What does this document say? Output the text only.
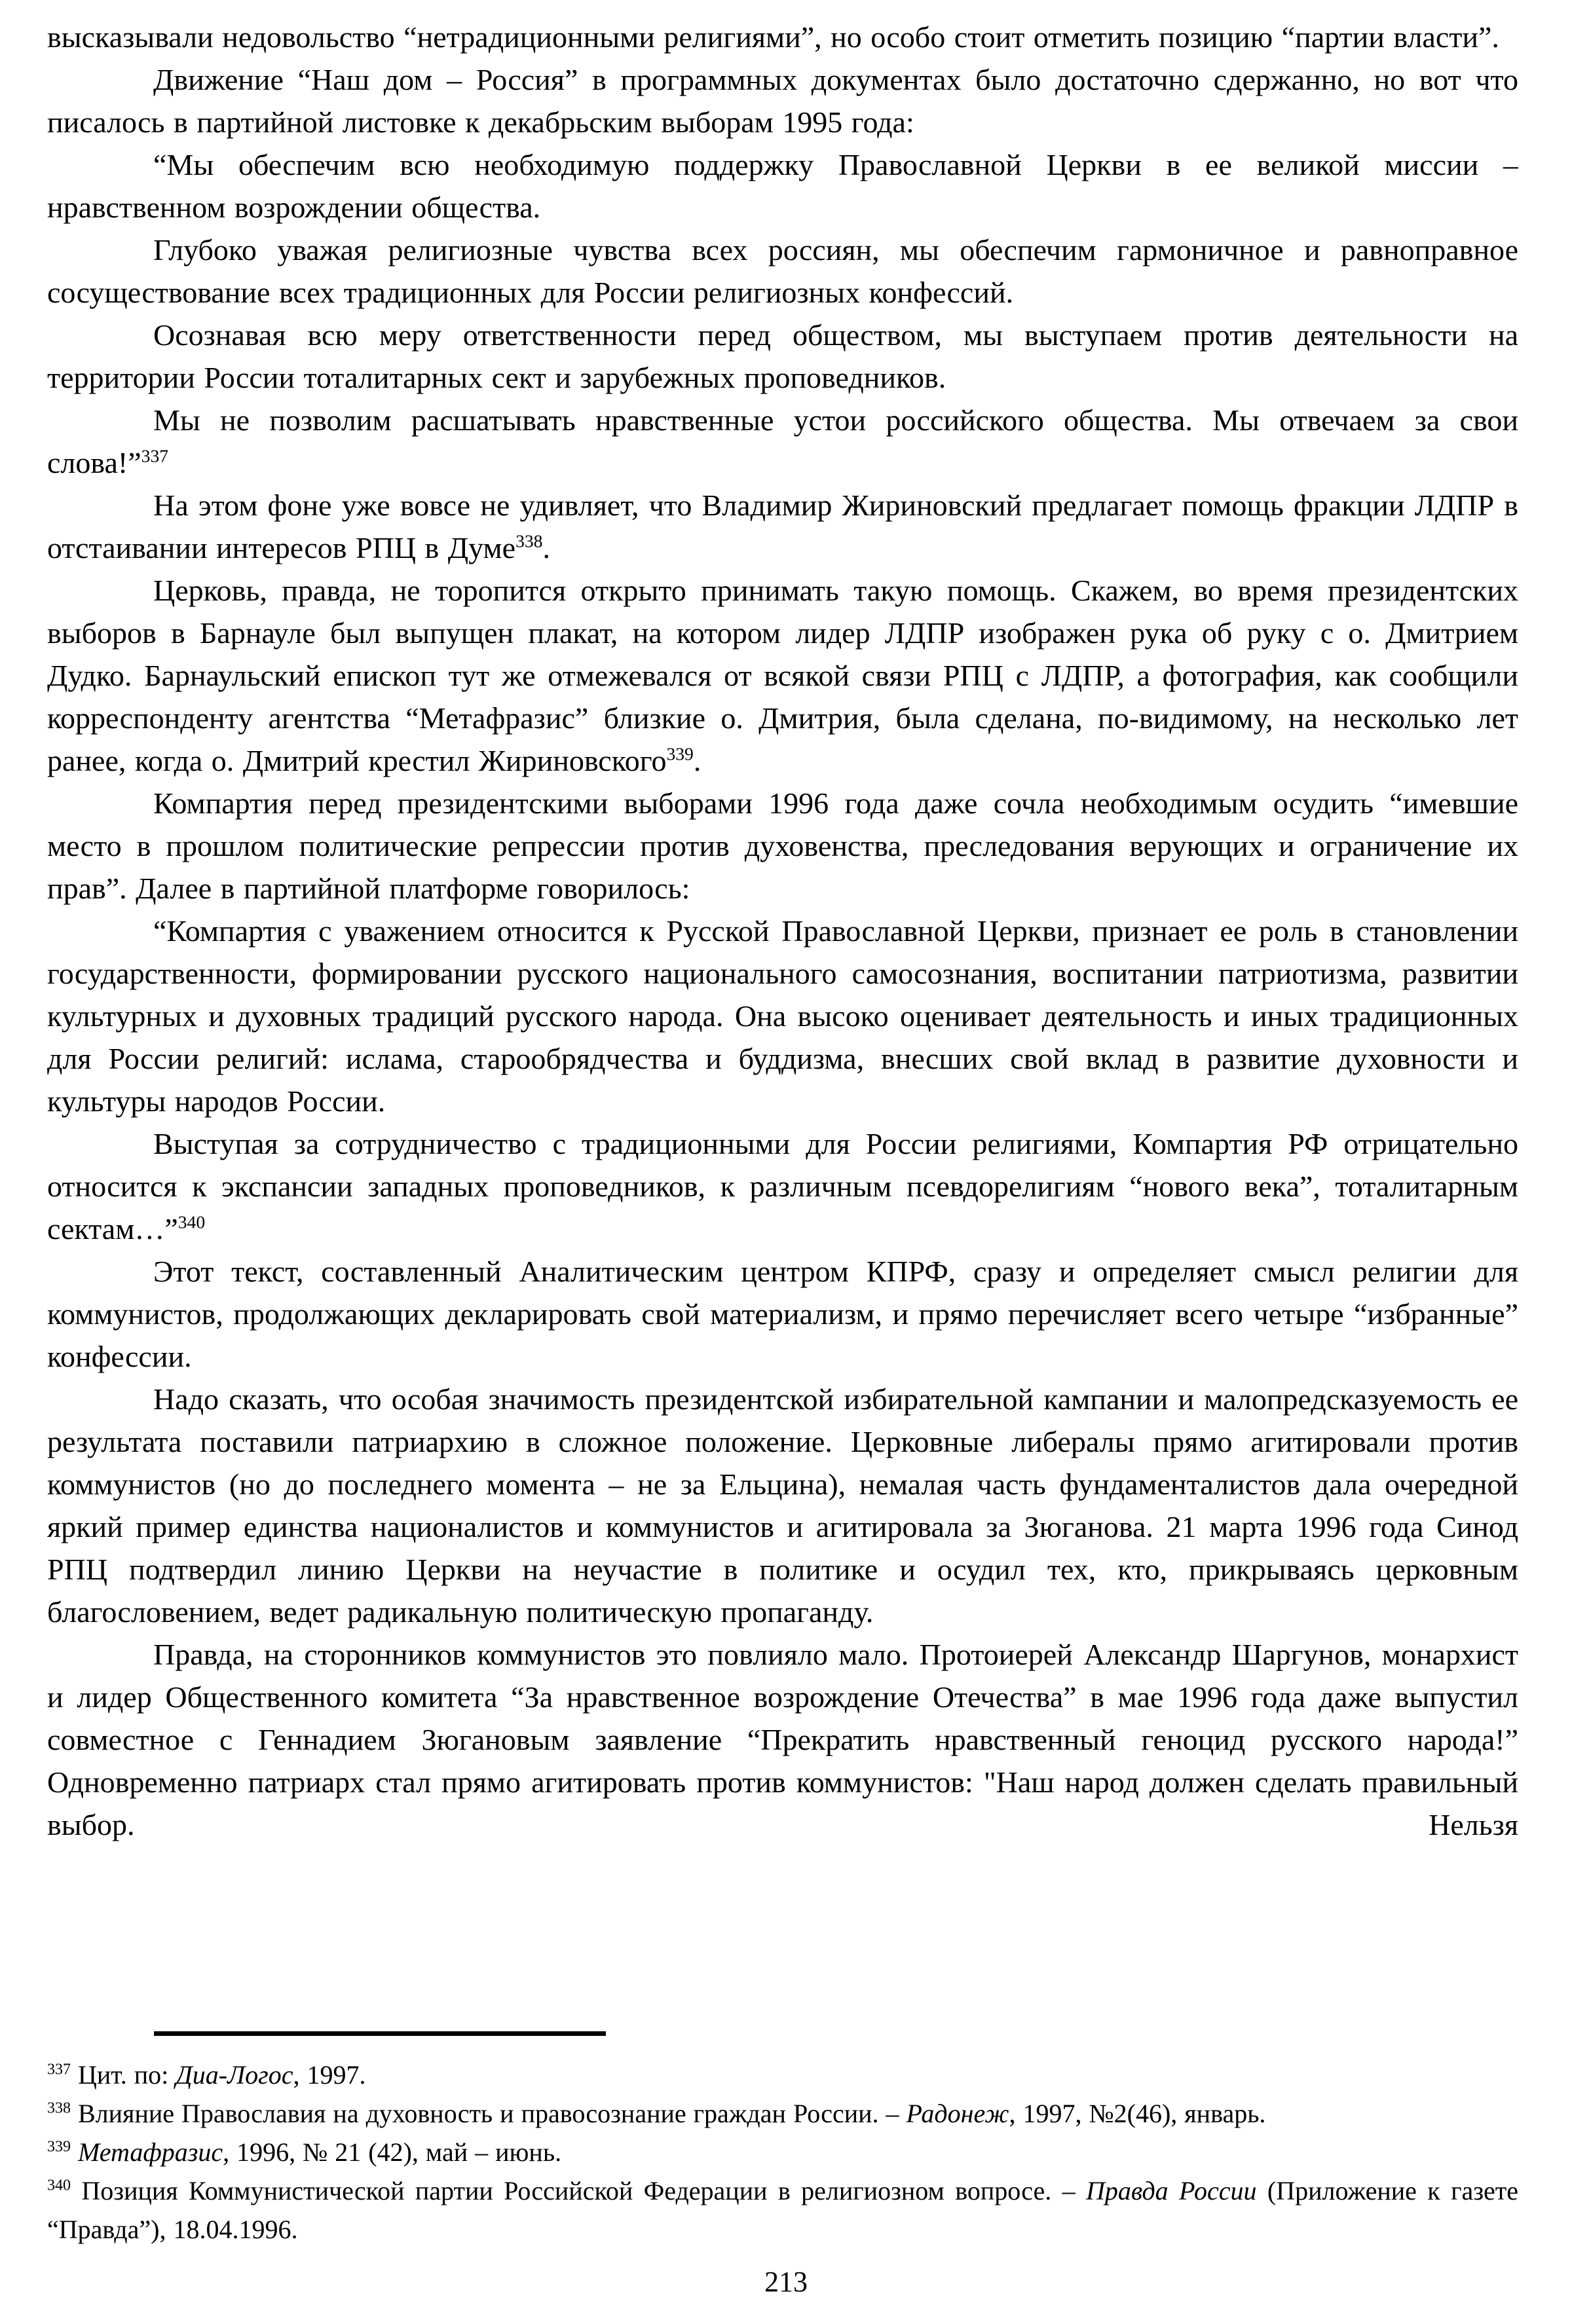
высказывали недовольство “нетрадиционными религиями”, но особо стоит отметить позицию “партии власти”.

Движение “Наш дом – Россия” в программных документах было достаточно сдержанно, но вот что писалось в партийной листовке к декабрьским выборам 1995 года:

“Мы обеспечим всю необходимую поддержку Православной Церкви в ее великой миссии – нравственном возрождении общества.

Глубоко уважая религиозные чувства всех россиян, мы обеспечим гармоничное и равноправное сосуществование всех традиционных для России религиозных конфессий.

Осознавая всю меру ответственности перед обществом, мы выступаем против деятельности на территории России тоталитарных сект и зарубежных проповедников.

Мы не позволим расшатывать нравственные устои российского общества. Мы отвечаем за свои слова!”$^{337}$

На этом фоне уже вовсе не удивляет, что Владимир Жириновский предлагает помощь фракции ЛДПР в отстаивании интересов РПЦ в Думе$^{338}$.

Церковь, правда, не торопится открыто принимать такую помощь. Скажем, во время президентских выборов в Барнауле был выпущен плакат, на котором лидер ЛДПР изображен рука об руку с о. Дмитрием Дудко. Барнаульский епископ тут же отмежевался от всякой связи РПЦ с ЛДПР, а фотография, как сообщили корреспонденту агентства “Метафразис” близкие о. Дмитрия, была сделана, по-видимому, на несколько лет ранее, когда о. Дмитрий крестил Жириновского$^{339}$.

Компартия перед президентскими выборами 1996 года даже сочла необходимым осудить “имевшие место в прошлом политические репрессии против духовенства, преследования верующих и ограничение их прав”. Далее в партийной платформе говорилось:

“Компартия с уважением относится к Русской Православной Церкви, признает ее роль в становлении государственности, формировании русского национального самосознания, воспитании патриотизма, развитии культурных и духовных традиций русского народа. Она высоко оценивает деятельность и иных традиционных для России религий: ислама, старообрядчества и буддизма, внесших свой вклад в развитие духовности и культуры народов России.

Выступая за сотрудничество с традиционными для России религиями, Компартия РФ отрицательно относится к экспансии западных проповедников, к различным псевдорелигиям “нового века”, тоталитарным сектам…”$^{340}$

Этот текст, составленный Аналитическим центром КПРФ, сразу и определяет смысл религии для коммунистов, продолжающих декларировать свой материализм, и прямо перечисляет всего четыре “избранные” конфессии.

Надо сказать, что особая значимость президентской избирательной кампании и малопредсказуемость ее результата поставили патриархию в сложное положение. Церковные либералы прямо агитировали против коммунистов (но до последнего момента – не за Ельцина), немалая часть фундаменталистов дала очередной яркий пример единства националистов и коммунистов и агитировала за Зюганова. 21 марта 1996 года Синод РПЦ подтвердил линию Церкви на неучастие в политике и осудил тех, кто, прикрываясь церковным благословением, ведет радикальную политическую пропаганду.

Правда, на сторонников коммунистов это повлияло мало. Протоиерей Александр Шаргунов, монархист и лидер Общественного комитета “За нравственное возрождение Отечества” в мае 1996 года даже выпустил совместное с Геннадием Зюгановым заявление “Прекратить нравственный геноцид русского народа!” Одновременно патриарх стал прямо агитировать против коммунистов: "Наш народ должен сделать правильный выбор. Нельзя

$^{337}$ Цит. по: Диа-Логос, 1997.
$^{338}$ Влияние Православия на духовность и правосознание граждан России. – Радонеж, 1997, №2(46), январь.
$^{339}$ Метафразис, 1996, № 21 (42), май – июнь.
$^{340}$ Позиция Коммунистической партии Российской Федерации в религиозном вопросе. – Правда России (Приложение к газете “Правда”), 18.04.1996.
213
